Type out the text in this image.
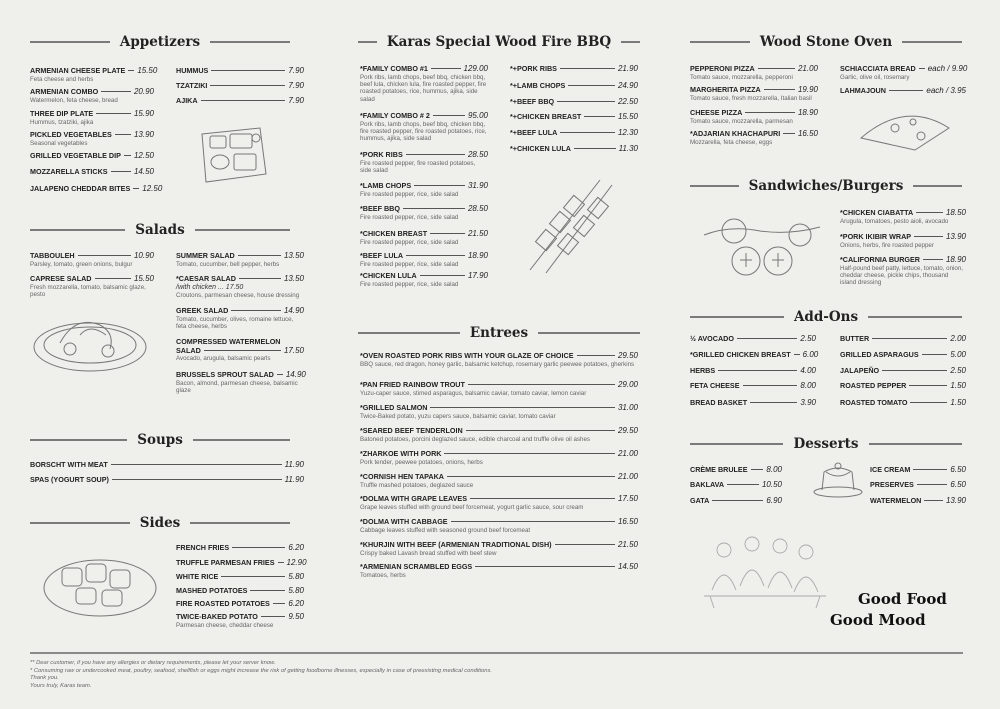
Appetizers	Karas Special Wood Fire BBQ	Wood Stone Oven
Salads
Sandwiches/Burgers
Entrees
Add-Ons
Soups	Desserts
Sides
ARMENIAN CHEESE PLATE 15.50
Feta cheese and herbs
ARMENIAN COMBO	20.90
Watermelon, feta cheese, bread
THREE DIP PLATE	15.90
Hummus, tzatziki, ajika
PICKLED VEGETABLES	13.90
Seasonal vegetables
GRILLED VEGETABLE DIP 12.50
MOZZARELLA STICKS	14.50
JALAPENO CHEDDAR BITES 12.50
HUMMUS	7.90
TZATZIKI	7.90
AJIKA	7.90
TABBOULEH	10.90
Parsley, tomato, green onions, bulgur
CAPRESE SALAD	15.50
Fresh mozzarella, tomato, balsamic glaze, pesto
SUMMER SALAD	13.50
Tomato, cucumber, bell pepper, herbs
*CAESAR SALAD	13.50
/with chicken ... 17.50
Croutons, parmesan cheese, house dressing
GREEK SALAD	14.90
Tomato, cucumber, olives, romaine lettuce, feta cheese, herbs
COMPRESSED WATERMELON
SALAD	17.50
Avocado, arugula, balsamic pearls
BRUSSELS SPROUT SALAD 14.90
Bacon, almond, parmesan cheese, balsamic glaze
BORSCHT WITH MEAT	11.90
SPAS (YOGURT SOUP)	11.90
FRENCH FRIES	6.20
TRUFFLE PARMESAN FRIES 12.90
WHITE RICE	5.80
MASHED POTATOES	5.80
FIRE ROASTED POTATOES 6.20
TWICE-BAKED POTATO	9.50
Parmesan cheese, cheddar cheese
*FAMILY COMBO #1	129.00
Pork ribs, lamb chops, beef bbq, chicken bbq, beef lula, chicken lula, fire roasted pepper, fire roasted potatoes, rice, hummus, ajika, side salad
*FAMILY COMBO # 2	95.00
Pork ribs, lamb chops, beef bbq, chicken bbq, fire roasted pepper, fire roasted potatoes, rice, hummus, ajika, side salad
*PORK RIBS	28.50
Fire roasted pepper, fire roasted potatoes, side salad
*LAMB CHOPS	31.90
Fire roasted pepper, rice, side salad
*BEEF BBQ	28.50
Fire roasted pepper, rice, side salad
*CHICKEN BREAST	21.50
Fire roasted pepper, rice, side salad
*BEEF LULA	18.90
Fire roasted pepper, rice, side salad
*CHICKEN LULA	17.90
Fire roasted pepper, rice, side salad
*+PORK RIBS	21.90
*+LAMB CHOPS	24.90
*+BEEF BBQ	22.50
*+CHICKEN BREAST	15.50
*+BEEF LULA	12.30
*+CHICKEN LULA	11.30
*OVEN ROASTED PORK RIBS WITH YOUR GLAZE OF CHOICE	29.50
BBQ sauce, red dragon, honey garlic, balsamic ketchup, rosemary garlic peewee potatoes, gherkins
*PAN FRIED RAINBOW TROUT	29.00
Yuzu-caper sauce, stimed asparagus, balsamic caviar, tomato caviar, lemon caviar
*GRILLED SALMON	31.00
Twice-Baked potato, yuzu capers sauce, balsamic caviar, tomato caviar
*SEARED BEEF TENDERLOIN	29.50
Batoned potatoes, porcini deglazed sauce, edible charcoal and truffle olive oil ashes
*ZHARKOE WITH PORK	21.00
Pork tender, peewee potatoes, onions, herbs
*CORNISH HEN TAPAKA	21.00
Truffle mashed potatoes, deglazed sauce
*DOLMA WITH GRAPE LEAVES	17.50
Grape leaves stuffed with ground beef forcemeat, yogurt garlic sauce, sour cream
*DOLMA WITH CABBAGE	16.50
Cabbage leaves stuffed with seasoned ground beef forcemeat
*KHURJIN WITH BEEF (ARMENIAN TRADITIONAL DISH)	21.50
Crispy baked Lavash bread stuffed with beef stew
*ARMENIAN SCRAMBLED EGGS	14.50
Tomatoes, herbs
PEPPERONI PIZZA	21.00
Tomato sauce, mozzarella, pepperoni
MARGHERITA PIZZA	19.90
Tomato sauce, fresh mozzarella, Italian basil
CHEESE PIZZA	18.90
Tomato sauce, mozzarella, parmesan
*ADJARIAN KHACHAPURI 16.50
Mozzarella, feta cheese, eggs
SCHIACCIATA BREAD each / 9.90
Garlic, olive oil, rosemary
LAHMAJOUN	each / 3.95
*CHICKEN CIABATTA	18.50
Arugula, tomatoes, pesto aioli, avocado
*PORK IKIBIR WRAP	13.90
Onions, herbs, fire roasted pepper
*CALIFORNIA BURGER	18.90
Half-pound beef patty, lettuce, tomato, onion, cheddar cheese, pickle chips, thousand island dressing
½ AVOCADO	2.50
*GRILLED CHICKEN BREAST 6.00
HERBS	4.00
FETA CHEESE	8.00
BREAD BASKET	3.90
BUTTER	2.00
GRILLED ASPARAGUS	5.00
JALAPEÑO	2.50
ROASTED PEPPER	1.50
ROASTED TOMATO	1.50
CRÈME BRULEE 8.00
BAKLAVA	10.50
GATA	6.90
ICE CREAM	6.50
PRESERVES	6.50
WATERMELON	13.90
Good Food
Good Mood
** Dear customer, if you have any allergies or dietary requirements, please let your server know.
* Consuming raw or undercooked meat, poultry, seafood, shellfish or eggs might increase the risk of getting foodborne illnesses, especially in case of preexisting medical conditions.
Thank you.
Yours truly, Karas team.
